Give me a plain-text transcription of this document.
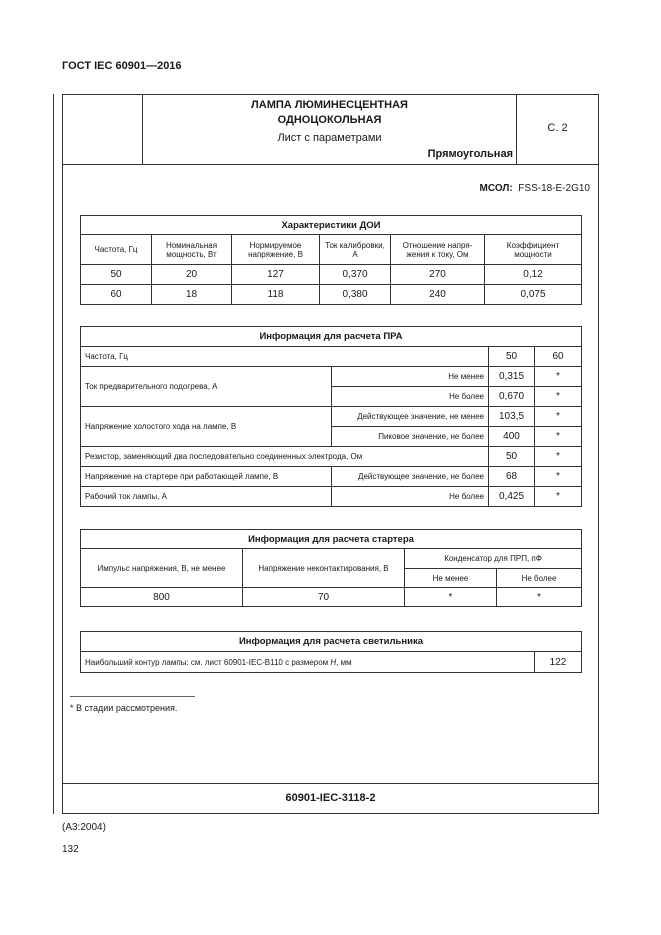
ГОСТ IEC 60901—2016
ЛАМПА ЛЮМИНЕСЦЕНТНАЯ
ОДНОЦОКОЛЬНАЯ
Лист с параметрами
Прямоугольная
С. 2
МСОЛ: FSS-18-E-2G10
Характеристики ДОИ					
Частота, Гц	Номинальная мощность, Вт	Нормируемое напряжение, В	Ток калибровки, А	Отношение напря-жения к току, Ом	Коэффициент мощности
50	20	127	0,370	270	0,12
60	18	118	0,380	240	0,075
Информация для расчета ПРА			
Частота, Гц		50	60
Ток предварительного подогрева, А	Не менее	0,315	*
	Не более	0,670	*
Напряжение холостого хода на лампе, В	Действующее значение, не менее	103,5	*
	Пиковое значение, не более	400	*
Резистор, заменяющий два последовательно соединенных электрода, Ом		50	*
Напряжение на стартере при работающей лампе, В	Действующее значение, не более	68	*
Рабочий ток лампы, А	Не более	0,425	*
Информация для расчета стартера			
Импульс напряжения, В, не менее	Напряжение неконтактирования, В	Конденсатор для ПРП, пФ	
		Не менее	Не более
800	70	*	*
Информация для расчета светильника
Наибольший контур лампы: см. лист 60901-IEC-B110 с размером H, мм	122
* В стадии рассмотрения.
60901-IEC-3118-2
(А3:2004)
132
